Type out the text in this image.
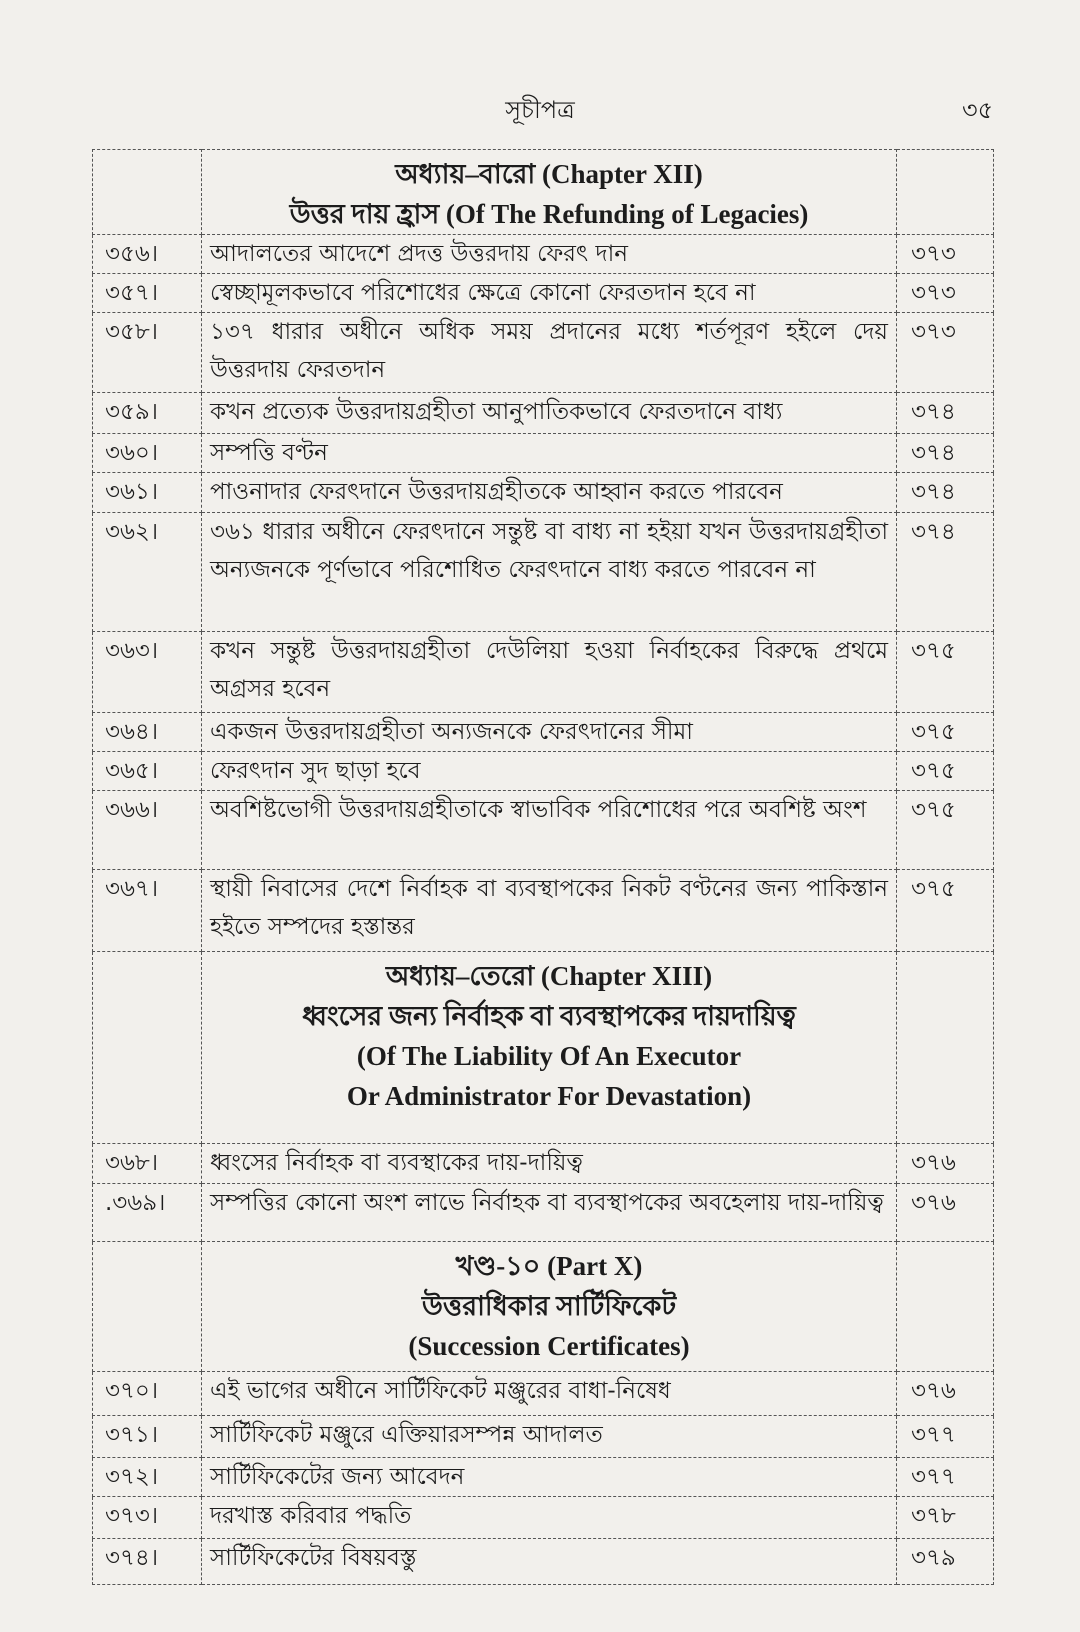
সূচীপত্র	৩৫

	অধ্যায়–বারো (Chapter XII)
উত্তর দায় হ্রাস (Of The Refunding of Legacies)	

৩৫৬।	আদালতের আদেশে প্রদত্ত উত্তরদায় ফেরৎ দান	৩৭৩
৩৫৭।	স্বেচ্ছামূলকভাবে পরিশোধের ক্ষেত্রে কোনো ফেরতদান হবে না	৩৭৩
৩৫৮।	১৩৭ ধারার অধীনে অধিক সময় প্রদানের মধ্যে শর্তপূরণ হইলে দেয় উত্তরদায় ফেরতদান	৩৭৩
৩৫৯।	কখন প্রত্যেক উত্তরদায়গ্রহীতা আনুপাতিকভাবে ফেরতদানে বাধ্য	৩৭৪
৩৬০।	সম্পত্তি বণ্টন	৩৭৪
৩৬১।	পাওনাদার ফেরৎদানে উত্তরদায়গ্রহীতকে আহ্বান করতে পারবেন	৩৭৪
৩৬২।	৩৬১ ধারার অধীনে ফেরৎদানে সন্তুষ্ট বা বাধ্য না হইয়া যখন উত্তরদায়গ্রহীতা অন্যজনকে পূর্ণভাবে পরিশোধিত ফেরৎদানে বাধ্য করতে পারবেন না	৩৭৪
৩৬৩।	কখন সন্তুষ্ট উত্তরদায়গ্রহীতা দেউলিয়া হওয়া নির্বাহকের বিরুদ্ধে প্রথমে অগ্রসর হবেন	৩৭৫
৩৬৪।	একজন উত্তরদায়গ্রহীতা অন্যজনকে ফেরৎদানের সীমা	৩৭৫
৩৬৫।	ফেরৎদান সুদ ছাড়া হবে	৩৭৫
৩৬৬।	অবশিষ্টভোগী উত্তরদায়গ্রহীতাকে স্বাভাবিক পরিশোধের পরে অবশিষ্ট অংশ	৩৭৫
৩৬৭।	স্থায়ী নিবাসের দেশে নির্বাহক বা ব্যবস্থাপকের নিকট বণ্টনের জন্য পাকিস্তান হইতে সম্পদের হস্তান্তর	৩৭৫

	অধ্যায়–তেরো (Chapter XIII)
ধ্বংসের জন্য নির্বাহক বা ব্যবস্থাপকের দায়দায়িত্ব
(Of The Liability Of An Executor
Or Administrator For Devastation)	

৩৬৮।	ধ্বংসের নির্বাহক বা ব্যবস্থাকের দায়-দায়িত্ব	৩৭৬
.৩৬৯।	সম্পত্তির কোনো অংশ লাভে নির্বাহক বা ব্যবস্থাপকের অবহেলায় দায়-দায়িত্ব	৩৭৬

	খণ্ড-১০ (Part X)
উত্তরাধিকার সার্টিফিকেট
(Succession Certificates)	

৩৭০।	এই ভাগের অধীনে সার্টিফিকেট মঞ্জুরের বাধা-নিষেধ	৩৭৬
৩৭১।	সার্টিফিকেট মঞ্জুরে এক্তিয়ারসম্পন্ন আদালত	৩৭৭
৩৭২।	সার্টিফিকেটের জন্য আবেদন	৩৭৭
৩৭৩।	দরখাস্ত করিবার পদ্ধতি	৩৭৮
৩৭৪।	সার্টিফিকেটের বিষয়বস্তু	৩৭৯
